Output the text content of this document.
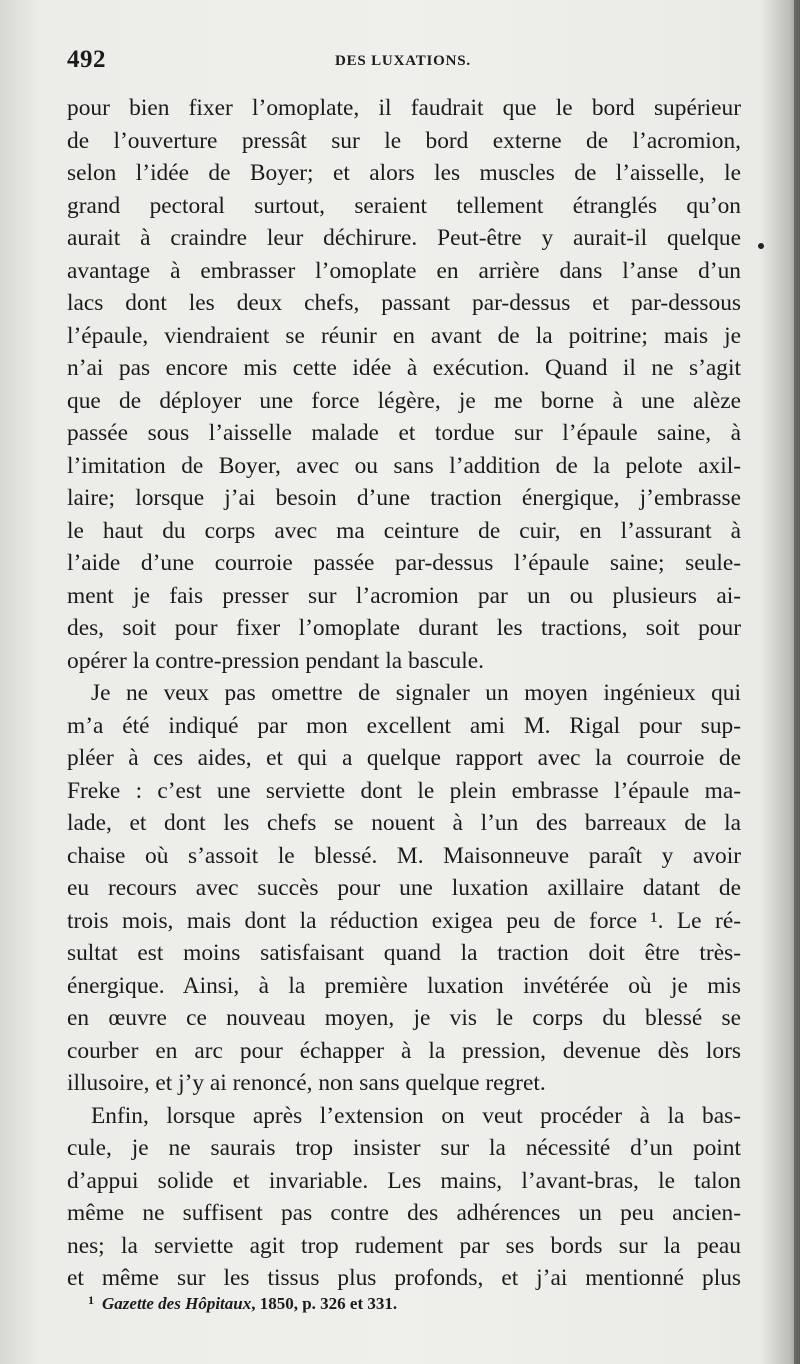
492	DES LUXATIONS.
pour bien fixer l’omoplate, il faudrait que le bord supérieur
de l’ouverture pressât sur le bord externe de l’acromion,
selon l’idée de Boyer; et alors les muscles de l’aisselle, le
grand pectoral surtout, seraient tellement étranglés qu’on
aurait à craindre leur déchirure. Peut-être y aurait-il quelque
avantage à embrasser l’omoplate en arrière dans l’anse d’un
lacs dont les deux chefs, passant par-dessus et par-dessous
l’épaule, viendraient se réunir en avant de la poitrine; mais je
n’ai pas encore mis cette idée à exécution. Quand il ne s’agit
que de déployer une force légère, je me borne à une alèze
passée sous l’aisselle malade et tordue sur l’épaule saine, à
l’imitation de Boyer, avec ou sans l’addition de la pelote axil-
laire; lorsque j’ai besoin d’une traction énergique, j’embrasse
le haut du corps avec ma ceinture de cuir, en l’assurant à
l’aide d’une courroie passée par-dessus l’épaule saine; seule-
ment je fais presser sur l’acromion par un ou plusieurs ai-
des, soit pour fixer l’omoplate durant les tractions, soit pour
opérer la contre-pression pendant la bascule.
Je ne veux pas omettre de signaler un moyen ingénieux qui
m’a été indiqué par mon excellent ami M. Rigal pour sup-
pléer à ces aides, et qui a quelque rapport avec la courroie de
Freke : c’est une serviette dont le plein embrasse l’épaule ma-
lade, et dont les chefs se nouent à l’un des barreaux de la
chaise où s’assoit le blessé. M. Maisonneuve paraît y avoir
eu recours avec succès pour une luxation axillaire datant de
trois mois, mais dont la réduction exigea peu de force ¹. Le ré-
sultat est moins satisfaisant quand la traction doit être très-
énergique. Ainsi, à la première luxation invétérée où je mis
en œuvre ce nouveau moyen, je vis le corps du blessé se
courber en arc pour échapper à la pression, devenue dès lors
illusoire, et j’y ai renoncé, non sans quelque regret.
Enfin, lorsque après l’extension on veut procéder à la bas-
cule, je ne saurais trop insister sur la nécessité d’un point
d’appui solide et invariable. Les mains, l’avant-bras, le talon
même ne suffisent pas contre des adhérences un peu ancien-
nes; la serviette agit trop rudement par ses bords sur la peau
et même sur les tissus plus profonds, et j’ai mentionné plus
$^1$ Gazette des Hôpitaux, 1850, p. 326 et 331.
